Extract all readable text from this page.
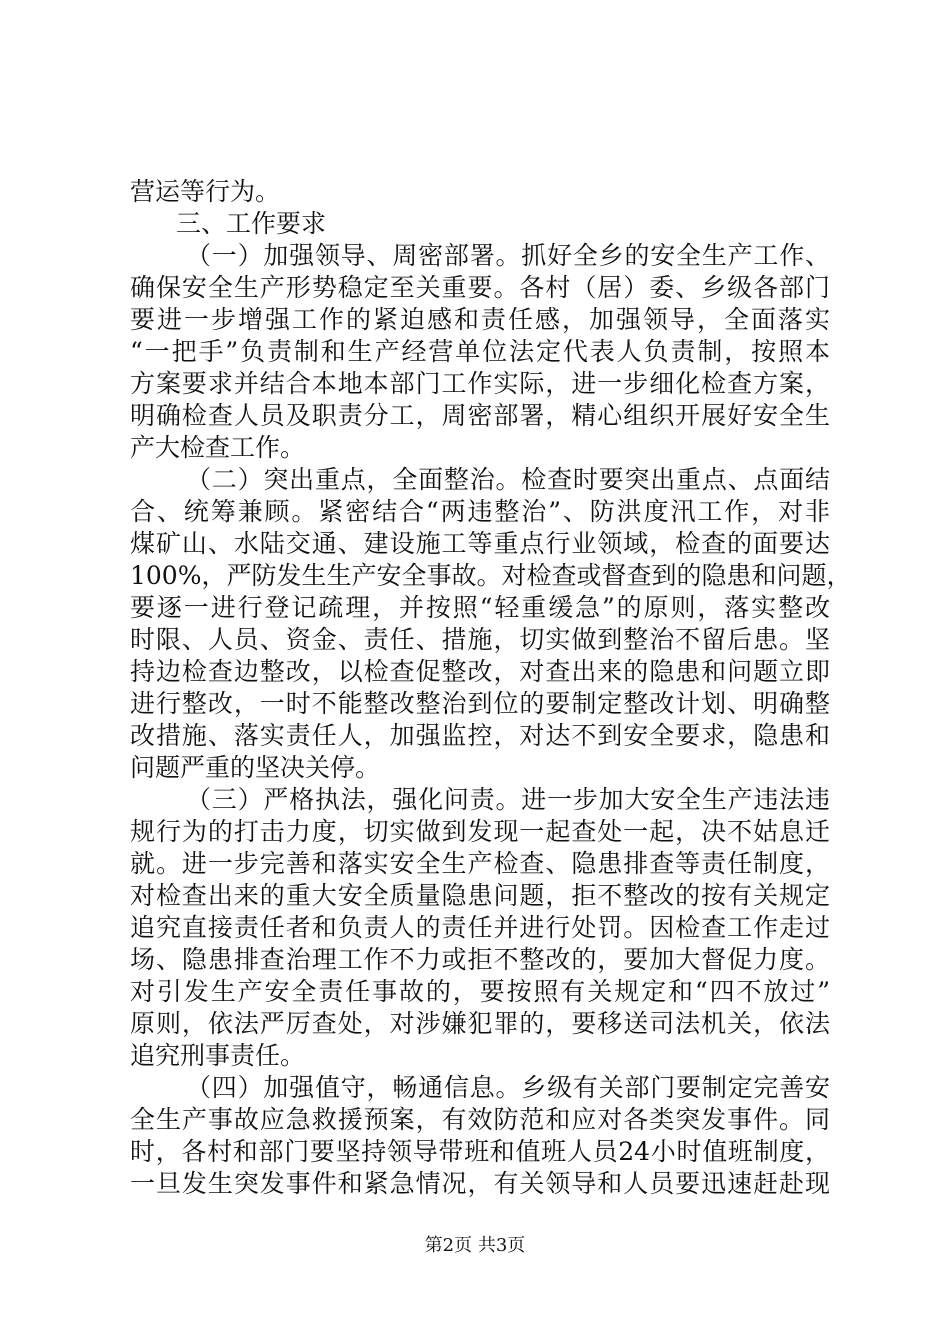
营运等行为。
三、工作要求
（一）加强领导、周密部署。抓好全乡的安全生产工作、
确保安全生产形势稳定至关重要。各村（居）委、乡级各部门
要进一步增强工作的紧迫感和责任感，加强领导，全面落实
“一把手”负责制和生产经营单位法定代表人负责制，按照本
方案要求并结合本地本部门工作实际，进一步细化检查方案，
明确检查人员及职责分工，周密部署，精心组织开展好安全生
产大检查工作。
（二）突出重点，全面整治。检查时要突出重点、点面结
合、统筹兼顾。紧密结合“两违整治”、防洪度汛工作，对非
煤矿山、水陆交通、建设施工等重点行业领域，检查的面要达
100%，严防发生生产安全事故。对检查或督查到的隐患和问题，
要逐一进行登记疏理，并按照“轻重缓急”的原则，落实整改
时限、人员、资金、责任、措施，切实做到整治不留后患。坚
持边检查边整改，以检查促整改，对查出来的隐患和问题立即
进行整改，一时不能整改整治到位的要制定整改计划、明确整
改措施、落实责任人，加强监控，对达不到安全要求，隐患和
问题严重的坚决关停。
（三）严格执法，强化问责。进一步加大安全生产违法违
规行为的打击力度，切实做到发现一起查处一起，决不姑息迁
就。进一步完善和落实安全生产检查、隐患排查等责任制度，
对检查出来的重大安全质量隐患问题，拒不整改的按有关规定
追究直接责任者和负责人的责任并进行处罚。因检查工作走过
场、隐患排查治理工作不力或拒不整改的，要加大督促力度。
对引发生产安全责任事故的，要按照有关规定和“四不放过”
原则，依法严厉查处，对涉嫌犯罪的，要移送司法机关，依法
追究刑事责任。
（四）加强值守，畅通信息。乡级有关部门要制定完善安
全生产事故应急救援预案，有效防范和应对各类突发事件。同
时，各村和部门要坚持领导带班和值班人员24小时值班制度，
一旦发生突发事件和紧急情况，有关领导和人员要迅速赶赴现
第2页 共3页
